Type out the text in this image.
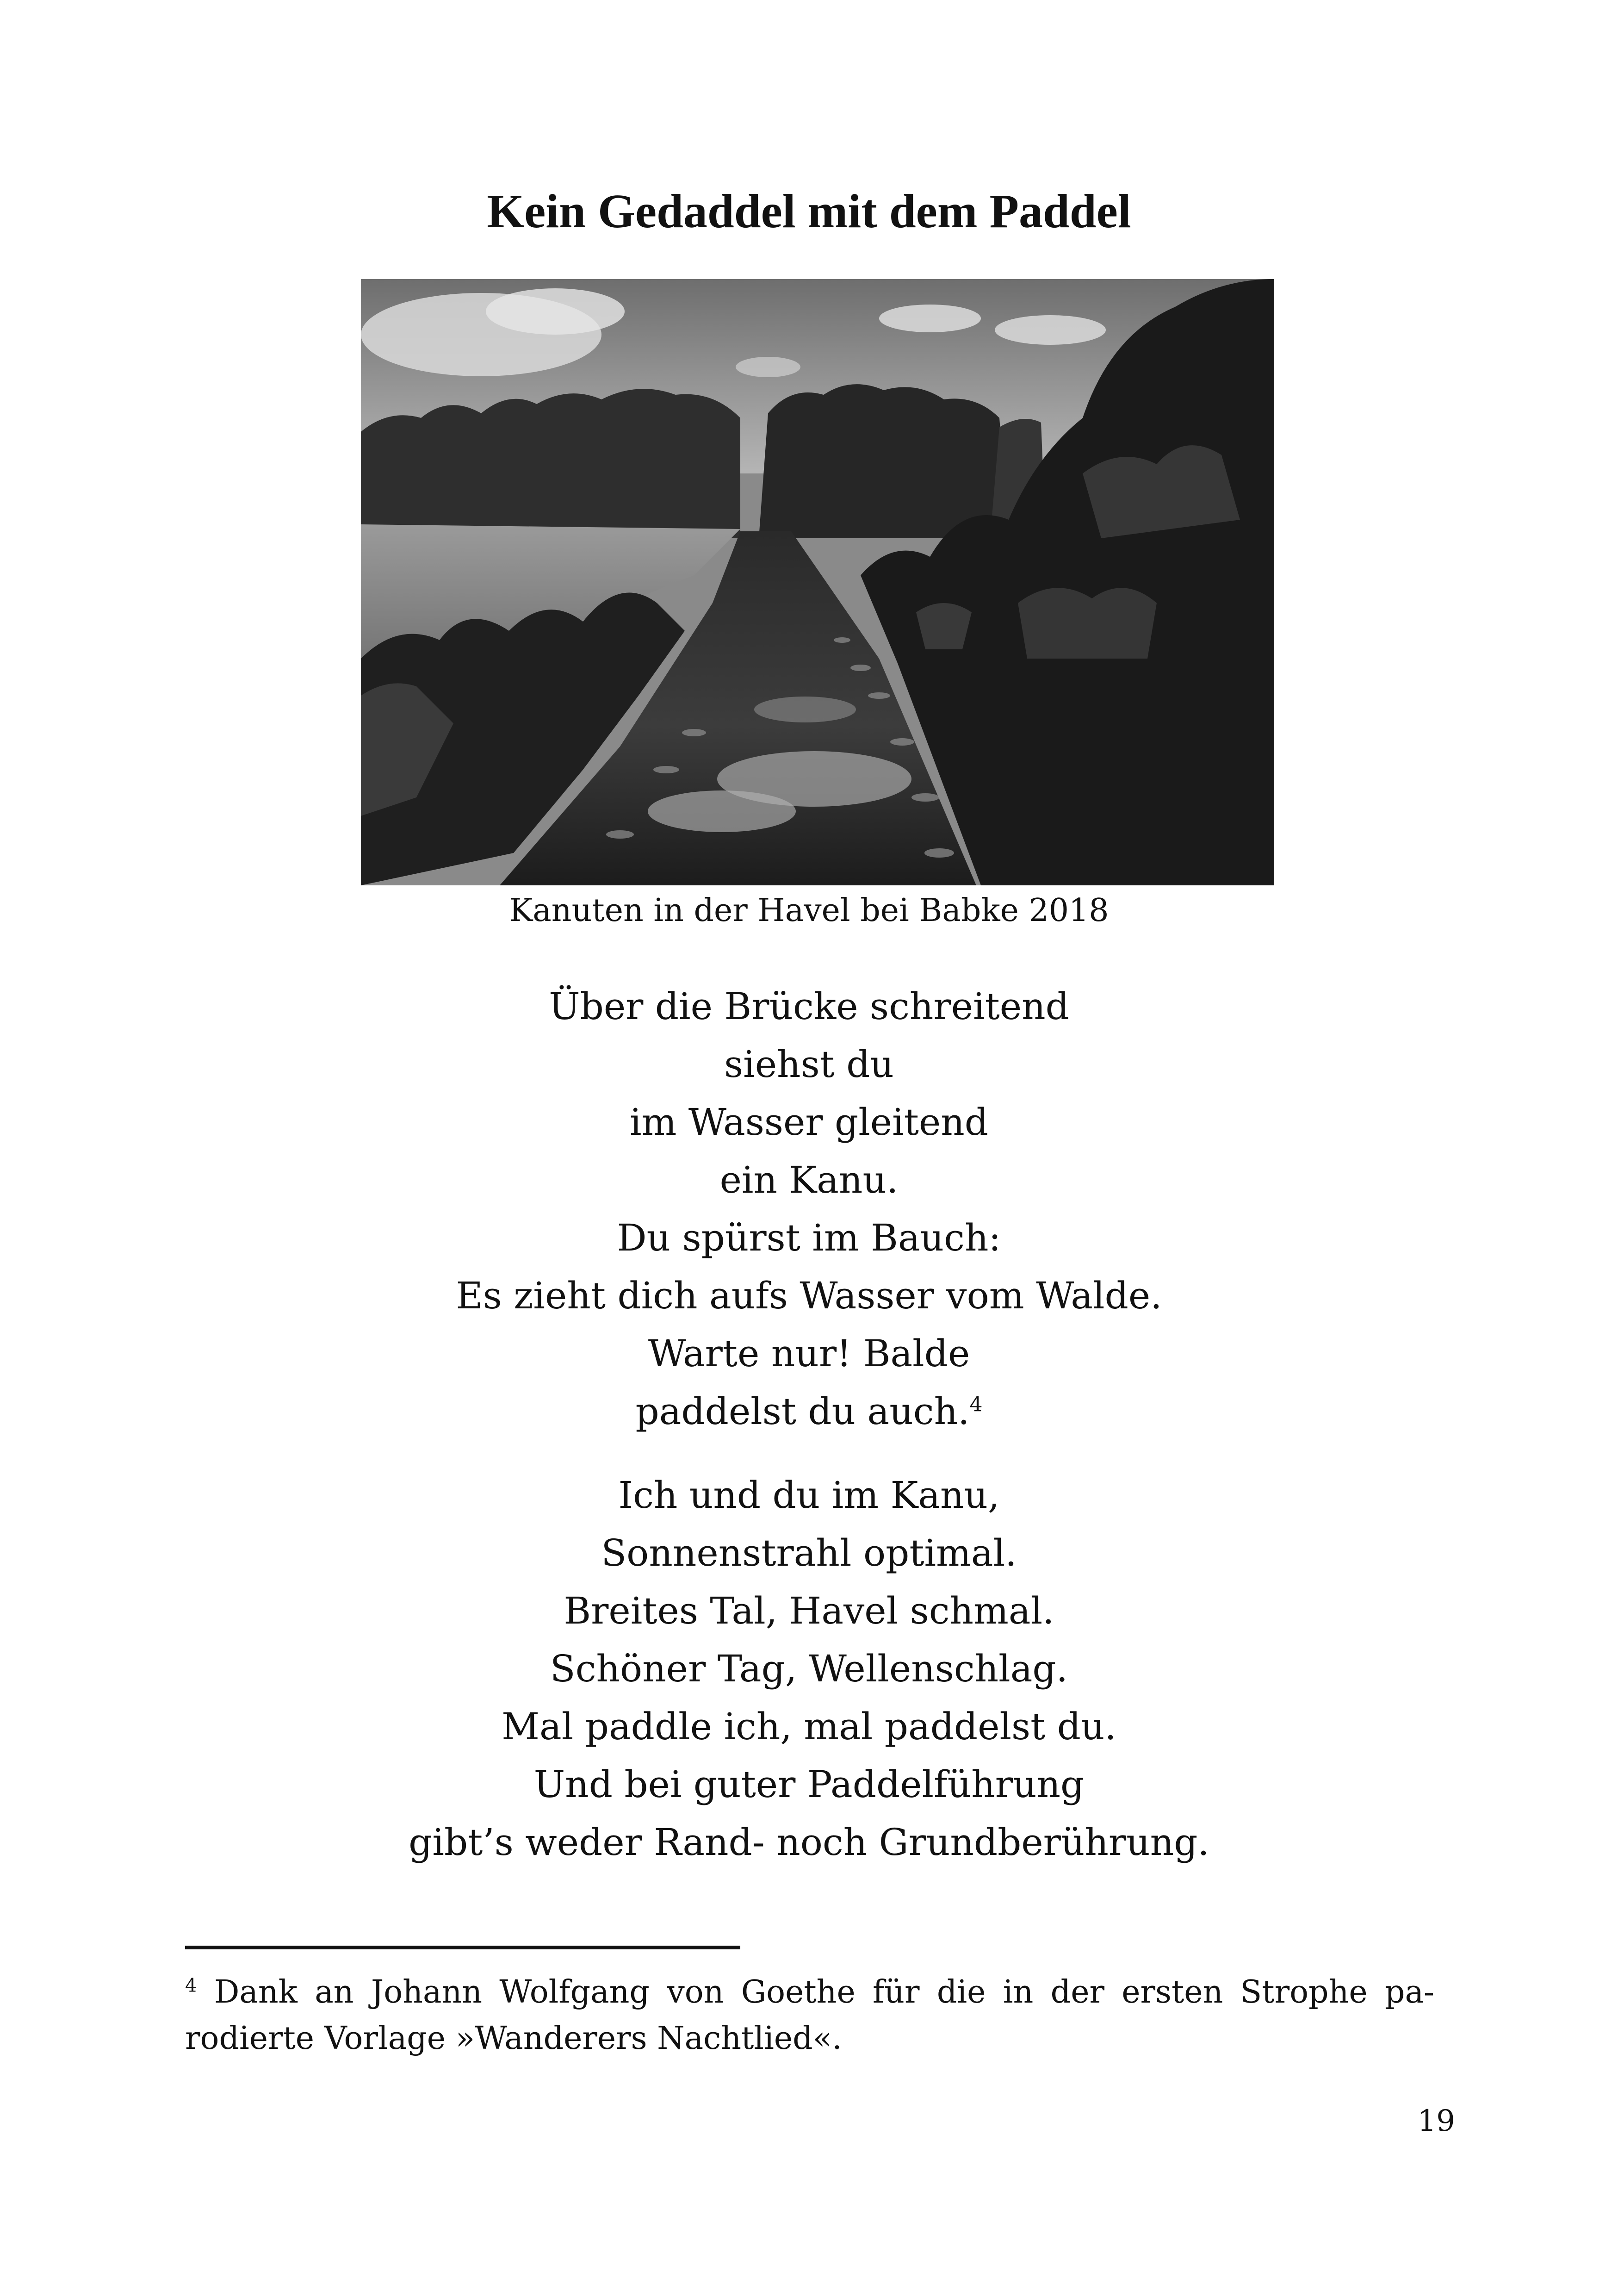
Kein Gedaddel mit dem Paddel
Kanuten in der Havel bei Babke 2018
Über die Brücke schreitend
siehst du
im Wasser gleitend
ein Kanu.
Du spürst im Bauch:
Es zieht dich aufs Wasser vom Walde.
Warte nur! Balde
paddelst du auch.$^4$
Ich und du im Kanu,
Sonnenstrahl optimal.
Breites Tal, Havel schmal.
Schöner Tag, Wellenschlag.
Mal paddle ich, mal paddelst du.
Und bei guter Paddelführung
gibt’s weder Rand- noch Grundberührung.
$^4$ Dank an Johann Wolfgang von Goethe für die in der ersten Strophe pa-
rodierte Vorlage »Wanderers Nachtlied«.
19
